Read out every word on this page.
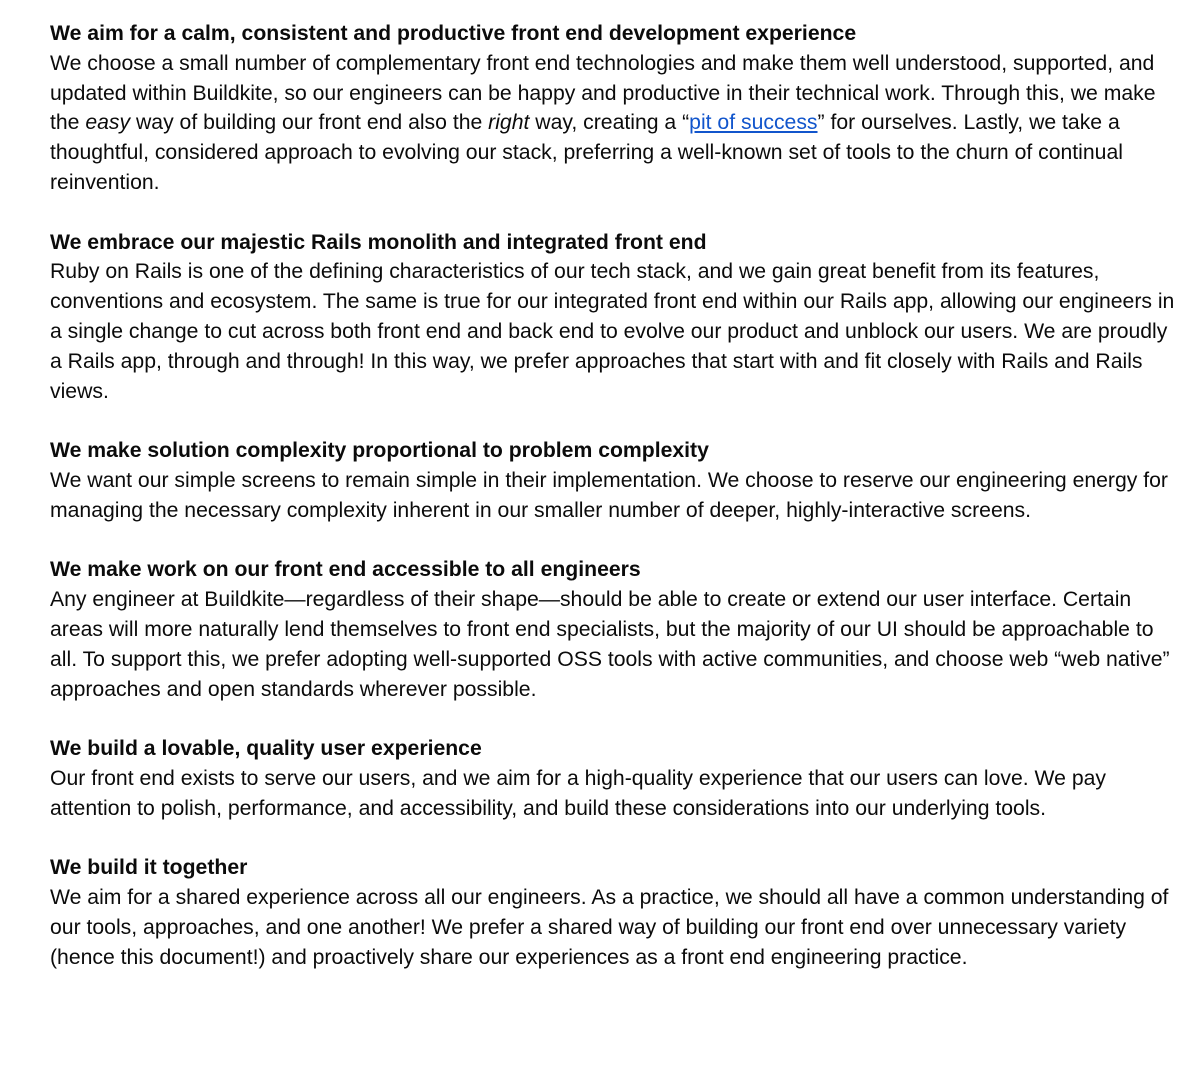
We aim for a calm, consistent and productive front end development experience

We choose a small number of complementary front end technologies and make them well understood, supported, and updated within Buildkite, so our engineers can be happy and productive in their technical work. Through this, we make the easy way of building our front end also the right way, creating a “pit of success” for ourselves. Lastly, we take a thoughtful, considered approach to evolving our stack, preferring a well-known set of tools to the churn of continual reinvention.

We embrace our majestic Rails monolith and integrated front end

Ruby on Rails is one of the defining characteristics of our tech stack, and we gain great benefit from its features, conventions and ecosystem. The same is true for our integrated front end within our Rails app, allowing our engineers in a single change to cut across both front end and back end to evolve our product and unblock our users. We are proudly a Rails app, through and through! In this way, we prefer approaches that start with and fit closely with Rails and Rails views.

We make solution complexity proportional to problem complexity

We want our simple screens to remain simple in their implementation. We choose to reserve our engineering energy for managing the necessary complexity inherent in our smaller number of deeper, highly-interactive screens.

We make work on our front end accessible to all engineers

Any engineer at Buildkite—regardless of their shape—should be able to create or extend our user interface. Certain areas will more naturally lend themselves to front end specialists, but the majority of our UI should be approachable to all. To support this, we prefer adopting well-supported OSS tools with active communities, and choose web “web native” approaches and open standards wherever possible.

We build a lovable, quality user experience

Our front end exists to serve our users, and we aim for a high-quality experience that our users can love. We pay attention to polish, performance, and accessibility, and build these considerations into our underlying tools.

We build it together

We aim for a shared experience across all our engineers. As a practice, we should all have a common understanding of our tools, approaches, and one another! We prefer a shared way of building our front end over unnecessary variety (hence this document!) and proactively share our experiences as a front end engineering practice.
